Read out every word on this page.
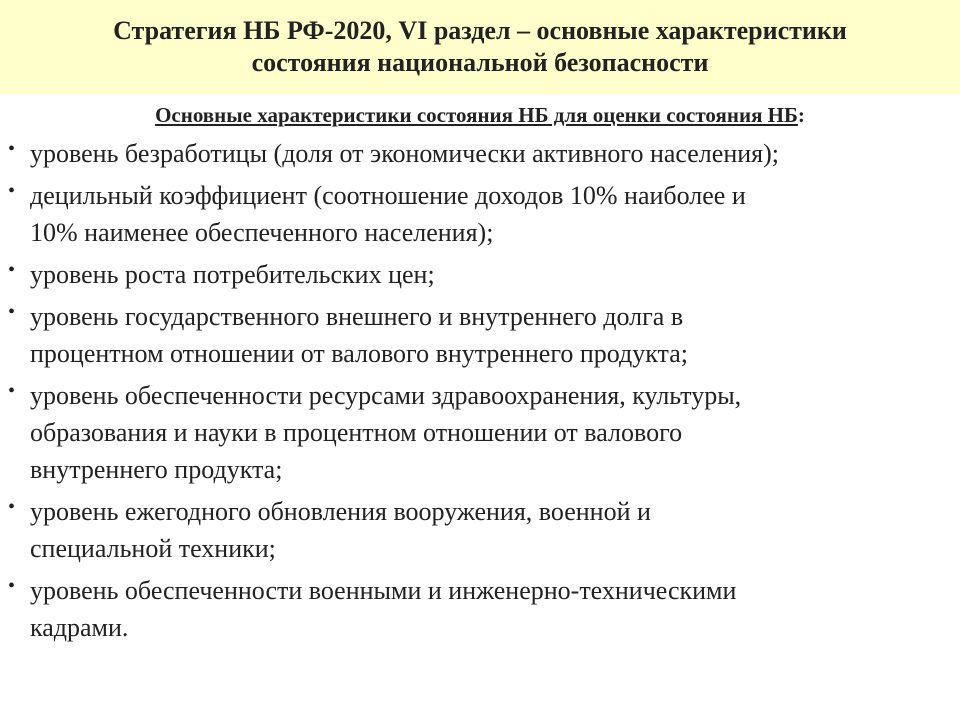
Стратегия НБ РФ-2020, VI раздел – основные характеристики
состояния национальной безопасности
Основные характеристики состояния НБ для оценки состояния НБ:
• уровень безработицы (доля от экономически активного населения);
• децильный коэффициент (соотношение доходов 10% наиболее и
10% наименее обеспеченного населения);
• уровень роста потребительских цен;
• уровень государственного внешнего и внутреннего долга в
процентном отношении от валового внутреннего продукта;
• уровень обеспеченности ресурсами здравоохранения, культуры,
образования и науки в процентном отношении от валового
внутреннего продукта;
• уровень ежегодного обновления вооружения, военной и
специальной техники;
• уровень обеспеченности военными и инженерно-техническими
кадрами.
